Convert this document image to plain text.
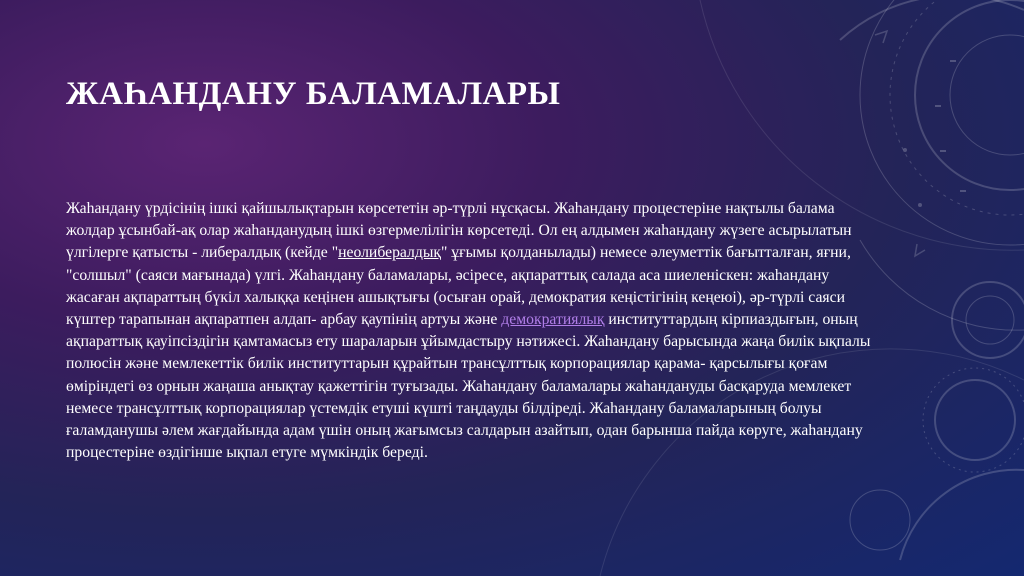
ЖАҺАНДАНУ БАЛАМАЛАРЫ

Жаһандану үрдісінің ішкі қайшылықтарын көрсететін әр-түрлі нұсқасы. Жаһандану процестеріне нақтылы балама жолдар ұсынбай-ақ олар жаһанданудың ішкі өзгермелілігін көрсетеді. Ол ең алдымен жаһандану жүзеге асырылатын үлгілерге қатысты - либералдық (кейде "неолибералдық" ұғымы қолданылады) немесе әлеуметтік бағытталған, яғни, "солшыл" (саяси мағынада) үлгі. Жаһандану баламалары, әсіресе, ақпараттық салада аса шиеленіскен: жаһандану жасаған ақпараттың бүкіл халыққа кеңінен ашықтығы (осыған орай, демократия кеңістігінің кеңеюі), әр-түрлі саяси күштер тарапынан ақпаратпен алдап- арбау қаупінің артуы және демократиялық институттардың кірпиаздығын, оның ақпараттық қауіпсіздігін қамтамасыз ету шараларын ұйымдастыру нәтижесі. Жаһандану барысында жаңа билік ықпалы полюсін және мемлекеттік билік институттарын құрайтын трансұлттық корпорациялар қарама- қарсылығы қоғам өміріндегі өз орнын жаңаша анықтау қажеттігін туғызады. Жаһандану баламалары жаһандануды басқаруда мемлекет немесе трансұлттық корпорациялар үстемдік етуші күшті таңдауды білдіреді. Жаһандану баламаларының болуы ғаламданушы әлем жағдайында адам үшін оның жағымсыз салдарын азайтып, одан барынша пайда көруге, жаһандану процестеріне өздігінше ықпал етуге мүмкіндік береді.
